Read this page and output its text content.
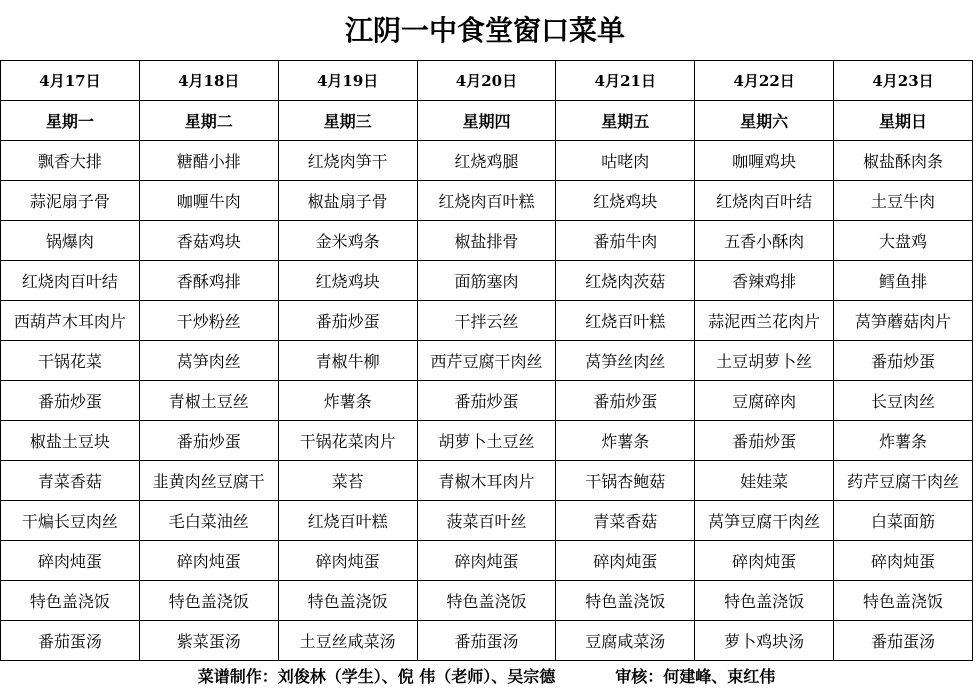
江阴一中食堂窗口菜单
4月17日	4月18日	4月19日	4月20日	4月21日	4月22日	4月23日
星期一	星期二	星期三	星期四	星期五	星期六	星期日
飘香大排	糖醋小排	红烧肉笋干	红烧鸡腿	咕咾肉	咖喱鸡块	椒盐酥肉条
蒜泥扇子骨	咖喱牛肉	椒盐扇子骨	红烧肉百叶糕	红烧鸡块	红烧肉百叶结	土豆牛肉
锅爆肉	香菇鸡块	金米鸡条	椒盐排骨	番茄牛肉	五香小酥肉	大盘鸡
红烧肉百叶结	香酥鸡排	红烧鸡块	面筋塞肉	红烧肉茨菇	香辣鸡排	鳕鱼排
西葫芦木耳肉片	干炒粉丝	番茄炒蛋	干拌云丝	红烧百叶糕	蒜泥西兰花肉片	莴笋蘑菇肉片
干锅花菜	莴笋肉丝	青椒牛柳	西芹豆腐干肉丝	莴笋丝肉丝	土豆胡萝卜丝	番茄炒蛋
番茄炒蛋	青椒土豆丝	炸薯条	番茄炒蛋	番茄炒蛋	豆腐碎肉	长豆肉丝
椒盐土豆块	番茄炒蛋	干锅花菜肉片	胡萝卜土豆丝	炸薯条	番茄炒蛋	炸薯条
青菜香菇	韭黄肉丝豆腐干	菜苔	青椒木耳肉片	干锅杏鲍菇	娃娃菜	药芹豆腐干肉丝
干煸长豆肉丝	毛白菜油丝	红烧百叶糕	菠菜百叶丝	青菜香菇	莴笋豆腐干肉丝	白菜面筋
碎肉炖蛋	碎肉炖蛋	碎肉炖蛋	碎肉炖蛋	碎肉炖蛋	碎肉炖蛋	碎肉炖蛋
特色盖浇饭	特色盖浇饭	特色盖浇饭	特色盖浇饭	特色盖浇饭	特色盖浇饭	特色盖浇饭
番茄蛋汤	紫菜蛋汤	土豆丝咸菜汤	番茄蛋汤	豆腐咸菜汤	萝卜鸡块汤	番茄蛋汤
菜谱制作：刘俊林（学生）、倪 伟（老师）、吴宗德	审核：何建峰、束红伟
